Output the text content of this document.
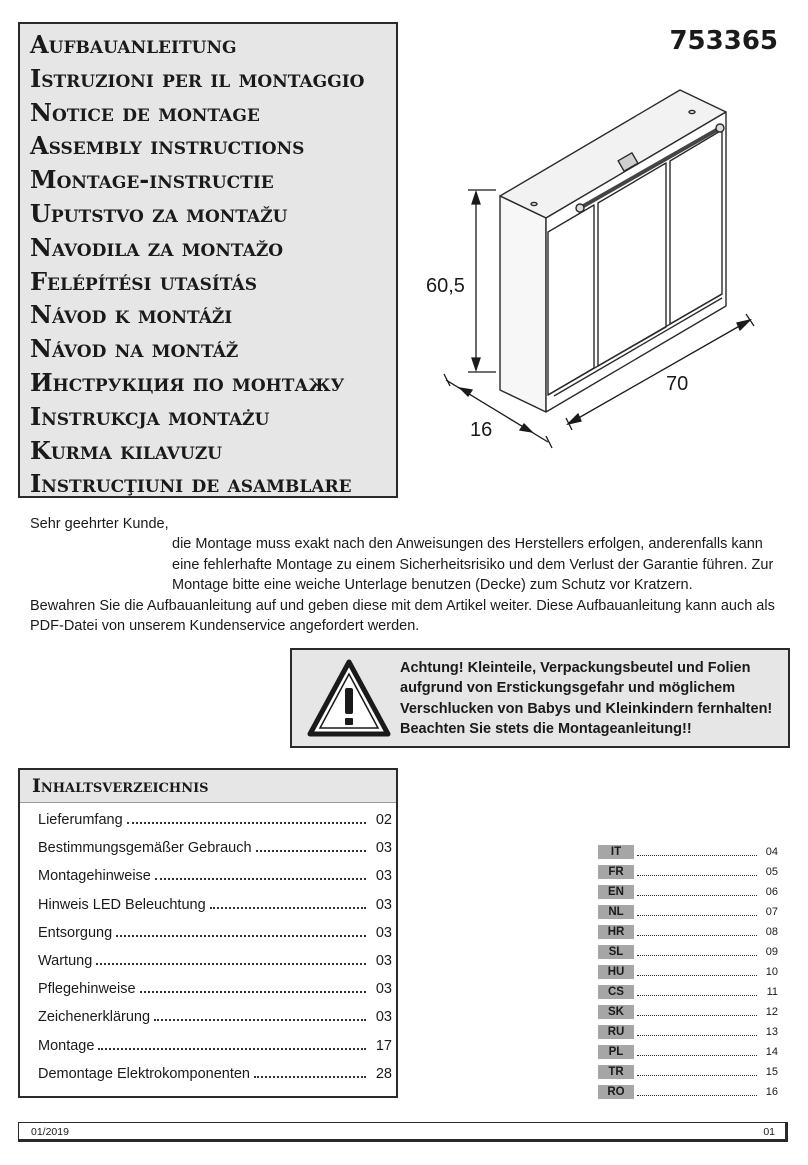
Aufbauanleitung
Istruzioni per il montaggio
Notice de montage
Assembly instructions
Montage-instructie
Uputstvo za montažu
Navodila za montažo
Felépítési utasítás
Návod k montáži
Návod na montáž
Инструкция по монтажу
Instrukcja montażu
Kurma kilavuzu
Instrucţiuni de asamblare
753365
60,5
70
16

Sehr geehrter Kunde,

die Montage muss exakt nach den Anweisungen des Herstellers erfolgen, anderenfalls kann eine fehlerhafte Montage zu einem Sicherheitsrisiko und dem Verlust der Garantie führen. Zur Montage bitte eine weiche Unterlage benutzen (Decke) zum Schutz vor Kratzern.

Bewahren Sie die Aufbauanleitung auf und geben diese mit dem Artikel weiter. Diese Aufbauanleitung kann auch als PDF-Datei von unserem Kundenservice angefordert werden.

Achtung! Kleinteile, Verpackungsbeutel und Folien aufgrund von Erstickungsgefahr und möglichem Verschlucken von Babys und Kleinkindern fernhalten! Beachten Sie stets die Montageanleitung!!
Inhaltsverzeichnis
Lieferumfang	02
Bestimmungsgemäßer Gebrauch	03
Montagehinweise	03
Hinweis LED Beleuchtung	03
Entsorgung	03
Wartung	03
Pflegehinweise	03
Zeichenerklärung	03
Montage	17
Demontage Elektrokomponenten	28
IT	04
FR	05
EN	06
NL	07
HR	08
SL	09
HU	10
CS	11
SK	12
RU	13
PL	14
TR	15
RO	16
01/2019	01
